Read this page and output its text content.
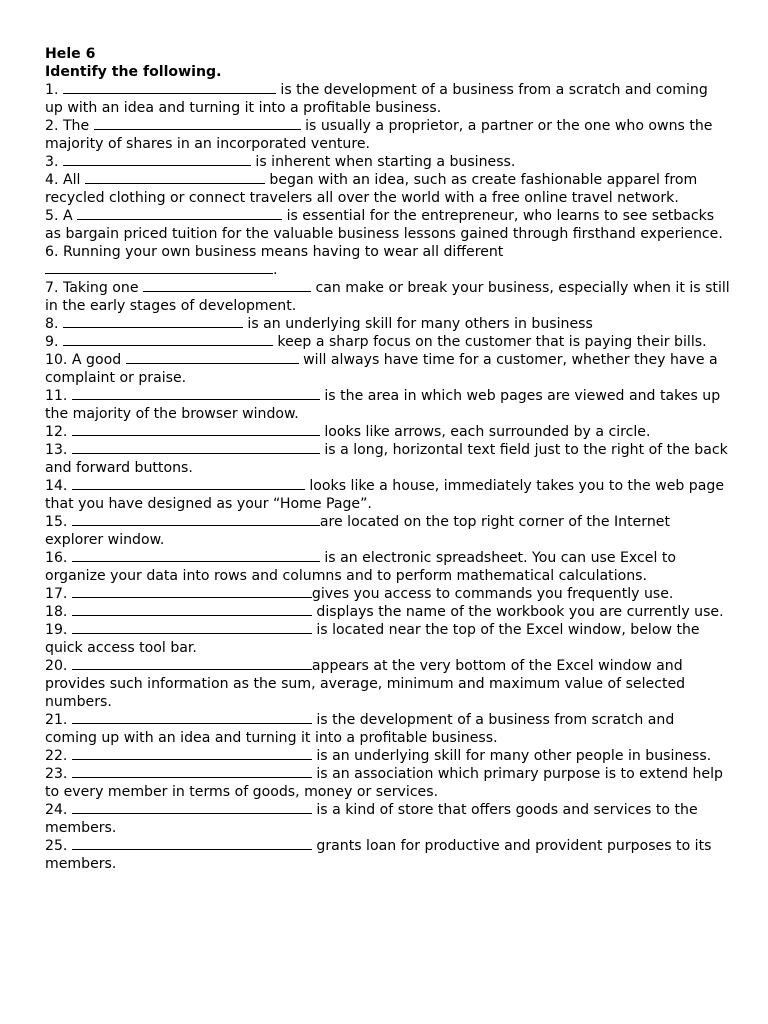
Hele 6

Identify the following.

1.	is the development of a business from a scratch and coming up with an idea and turning it into a profitable business.

2. The	is usually a proprietor, a partner or the one who owns the majority of shares in an incorporated venture.

3.	is inherent when starting a business.

4. All	began with an idea, such as create fashionable apparel from recycled clothing or connect travelers all over the world with a free online travel network.

5. A	is essential for the entrepreneur, who learns to see setbacks as bargain priced tuition for the valuable business lessons gained through firsthand experience.

6. Running your own business means having to wear all different .

7. Taking one	can make or break your business, especially when it is still in the early stages of development.

8.	is an underlying skill for many others in business

9.	keep a sharp focus on the customer that is paying their bills.

10. A good	will always have time for a customer, whether they have a complaint or praise.

11.	is the area in which web pages are viewed and takes up the majority of the browser window.

12.	looks like arrows, each surrounded by a circle.

13.	is a long, horizontal text field just to the right of the back and forward buttons.

14.	looks like a house, immediately takes you to the web page that you have designed as your “Home Page”.

15.	are located on the top right corner of the Internet explorer window.

16.	is an electronic spreadsheet. You can use Excel to organize your data into rows and columns and to perform mathematical calculations.

17.	gives you access to commands you frequently use.

18.	displays the name of the workbook you are currently use.

19.	is located near the top of the Excel window, below the quick access tool bar.

20.	appears at the very bottom of the Excel window and provides such information as the sum, average, minimum and maximum value of selected numbers.

21.	is the development of a business from scratch and coming up with an idea and turning it into a profitable business.

22.	is an underlying skill for many other people in business.

23.	is an association which primary purpose is to extend help to every member in terms of goods, money or services.

24.	is a kind of store that offers goods and services to the members.

25.	grants loan for productive and provident purposes to its members.
